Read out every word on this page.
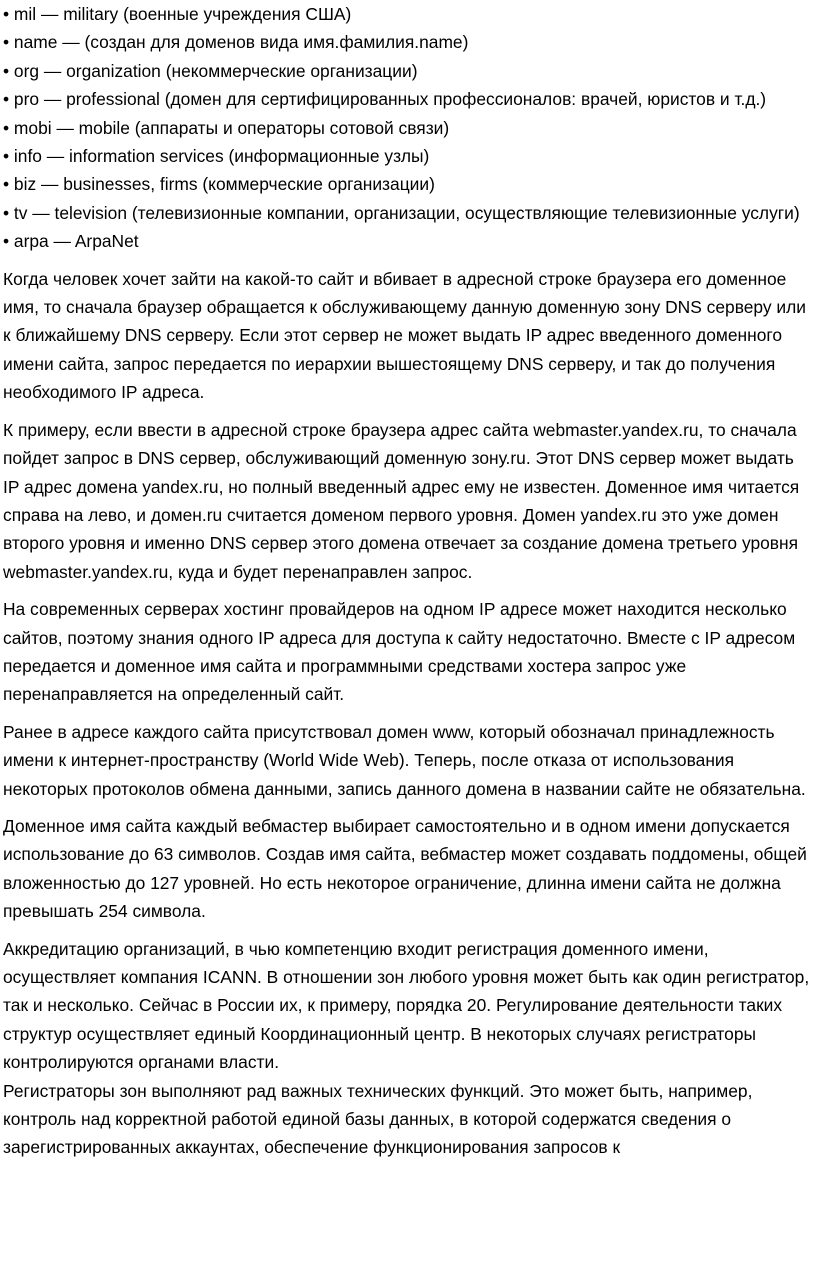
• mil — military (военные учреждения США)
• name — (создан для доменов вида имя.фамилия.name)
• org — organization (некоммерческие организации)
• pro — professional (домен для сертифицированных профессионалов: врачей, юристов и т.д.)
• mobi — mobile (аппараты и операторы сотовой связи)
• info — information services (информационные узлы)
• biz — businesses, firms (коммерческие организации)
• tv — television (телевизионные компании, организации, осуществляющие телевизионные услуги)
• arpa — ArpaNet

Когда человек хочет зайти на какой-то сайт и вбивает в адресной строке браузера его доменное имя, то сначала браузер обращается к обслуживающему данную доменную зону DNS серверу или к ближайшему DNS серверу. Если этот сервер не может выдать IP адрес введенного доменного имени сайта, запрос передается по иерархии вышестоящему DNS серверу, и так до получения необходимого IP адреса.

К примеру, если ввести в адресной строке браузера адрес сайта webmaster.yandex.ru, то сначала пойдет запрос в DNS сервер, обслуживающий доменную зону.ru. Этот DNS сервер может выдать IP адрес домена yandex.ru, но полный введенный адрес ему не известен. Доменное имя читается справа на лево, и домен.ru считается доменом первого уровня. Домен yandex.ru это уже домен второго уровня и именно DNS сервер этого домена отвечает за создание домена третьего уровня webmaster.yandex.ru, куда и будет перенаправлен запрос.

На современных серверах хостинг провайдеров на одном IP адресе может находится несколько сайтов, поэтому знания одного IP адреса для доступа к сайту недостаточно. Вместе с IP адресом передается и доменное имя сайта и программными средствами хостера запрос уже перенаправляется на определенный сайт.

Ранее в адресе каждого сайта присутствовал домен www, который обозначал принадлежность имени к интернет-пространству (World Wide Web). Теперь, после отказа от использования некоторых протоколов обмена данными, запись данного домена в названии сайте не обязательна.

Доменное имя сайта каждый вебмастер выбирает самостоятельно и в одном имени допускается использование до 63 символов. Создав имя сайта, вебмастер может создавать поддомены, общей вложенностью до 127 уровней. Но есть некоторое ограничение, длинна имени сайта не должна превышать 254 символа.

Аккредитацию организаций, в чью компетенцию входит регистрация доменного имени, осуществляет компания ICANN. В отношении зон любого уровня может быть как один регистратор, так и несколько. Сейчас в России их, к примеру, порядка 20. Регулирование деятельности таких структур осуществляет единый Координационный центр. В некоторых случаях регистраторы контролируются органами власти.

Регистраторы зон выполняют рад важных технических функций. Это может быть, например, контроль над корректной работой единой базы данных, в которой содержатся сведения о зарегистрированных аккаунтах, обеспечение функционирования запросов к
